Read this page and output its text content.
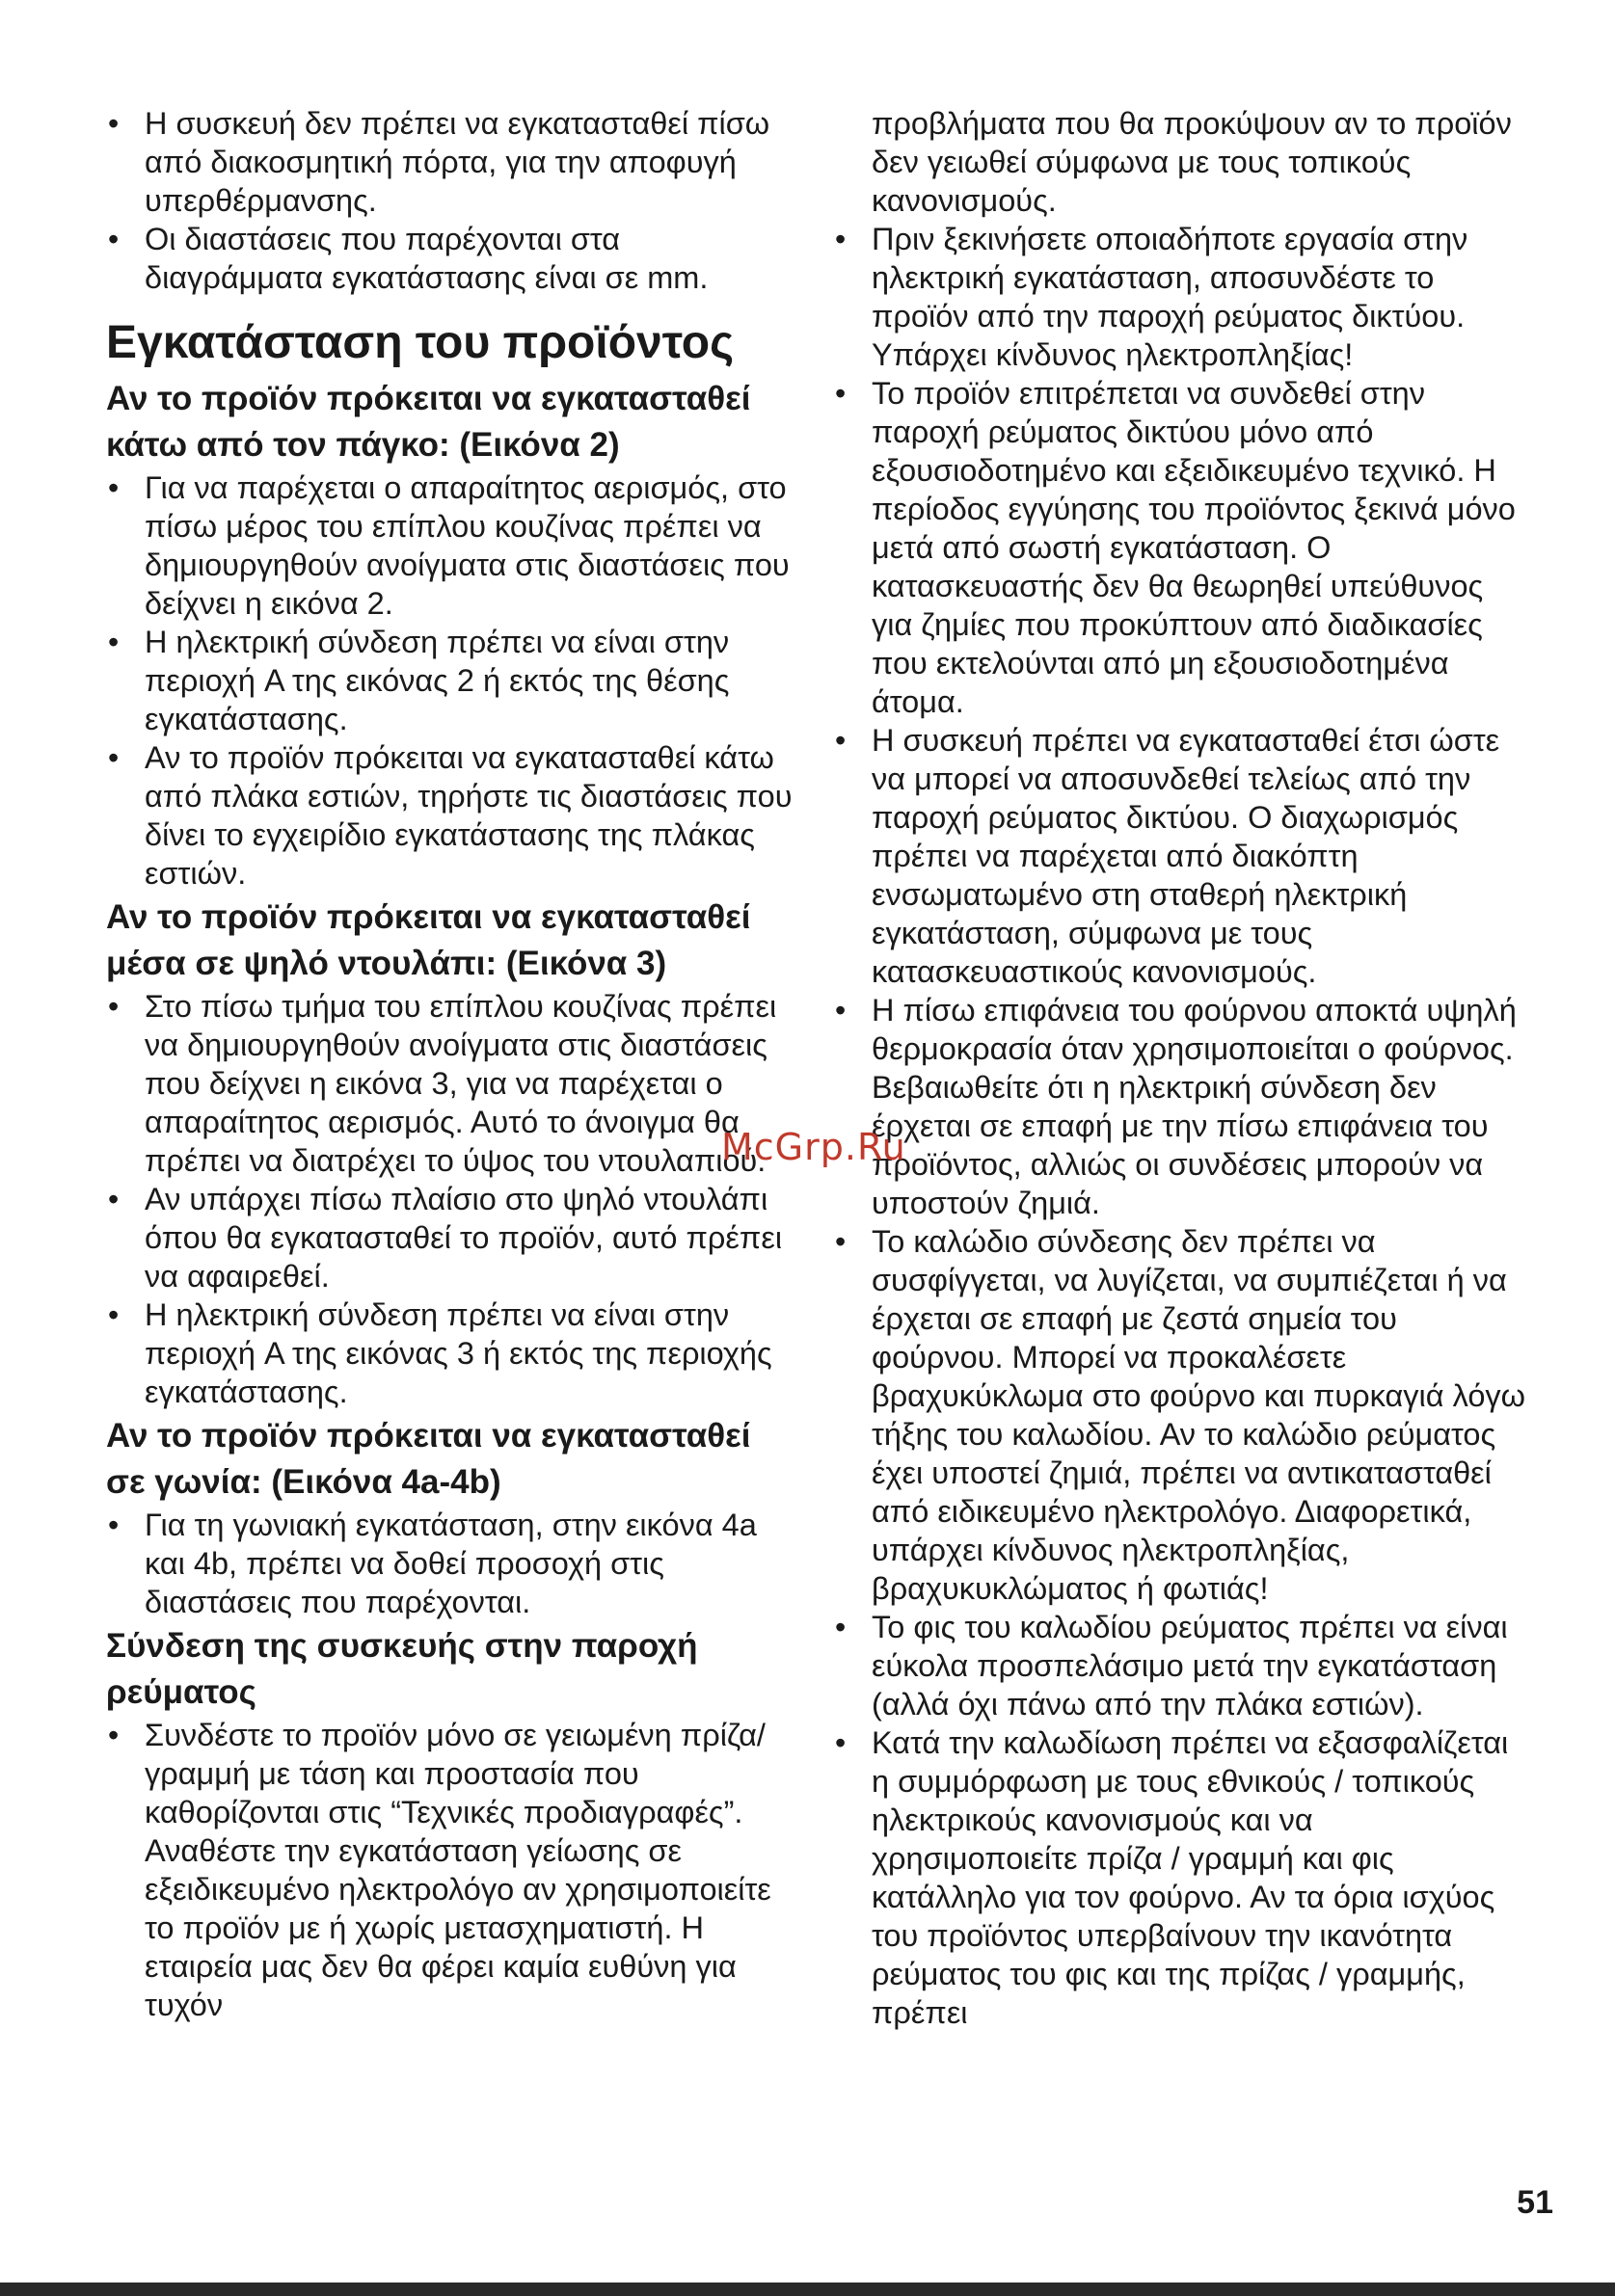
• Η συσκευή δεν πρέπει να εγκατασταθεί πίσω από διακοσμητική πόρτα, για την αποφυγή υπερθέρμανσης.
• Οι διαστάσεις που παρέχονται στα διαγράμματα εγκατάστασης είναι σε mm.
Εγκατάσταση του προϊόντος
Αν το προϊόν πρόκειται να εγκατασταθεί κάτω από τον πάγκο: (Εικόνα 2)
• Για να παρέχεται ο απαραίτητος αερισμός, στο πίσω μέρος του επίπλου κουζίνας πρέπει να δημιουργηθούν ανοίγματα στις διαστάσεις που δείχνει η εικόνα 2.
• Η ηλεκτρική σύνδεση πρέπει να είναι στην περιοχή A της εικόνας 2 ή εκτός της θέσης εγκατάστασης.
• Αν το προϊόν πρόκειται να εγκατασταθεί κάτω από πλάκα εστιών, τηρήστε τις διαστάσεις που δίνει το εγχειρίδιο εγκατάστασης της πλάκας εστιών.
Αν το προϊόν πρόκειται να εγκατασταθεί μέσα σε ψηλό ντουλάπι: (Εικόνα 3)
• Στο πίσω τμήμα του επίπλου κουζίνας πρέπει να δημιουργηθούν ανοίγματα στις διαστάσεις που δείχνει η εικόνα 3, για να παρέχεται ο απαραίτητος αερισμός. Αυτό το άνοιγμα θα πρέπει να διατρέχει το ύψος του ντουλαπιού.
• Αν υπάρχει πίσω πλαίσιο στο ψηλό ντουλάπι όπου θα εγκατασταθεί το προϊόν, αυτό πρέπει να αφαιρεθεί.
• Η ηλεκτρική σύνδεση πρέπει να είναι στην περιοχή A της εικόνας 3 ή εκτός της περιοχής εγκατάστασης.
Αν το προϊόν πρόκειται να εγκατασταθεί σε γωνία: (Εικόνα 4a-4b)
• Για τη γωνιακή εγκατάσταση, στην εικόνα 4a και 4b, πρέπει να δοθεί προσοχή στις διαστάσεις που παρέχονται.
Σύνδεση της συσκευής στην παροχή ρεύματος
• Συνδέστε το προϊόν μόνο σε γειωμένη πρίζα/ γραμμή με τάση και προστασία που καθορίζονται στις “Τεχνικές προδιαγραφές”. Αναθέστε την εγκατάσταση γείωσης σε εξειδικευμένο ηλεκτρολόγο αν χρησιμοποιείτε το προϊόν με ή χωρίς μετασχηματιστή. Η εταιρεία μας δεν θα φέρει καμία ευθύνη για τυχόν
προβλήματα που θα προκύψουν αν το προϊόν δεν γειωθεί σύμφωνα με τους τοπικούς κανονισμούς.
• Πριν ξεκινήσετε οποιαδήποτε εργασία στην ηλεκτρική εγκατάσταση, αποσυνδέστε το προϊόν από την παροχή ρεύματος δικτύου. Υπάρχει κίνδυνος ηλεκτροπληξίας!
• Το προϊόν επιτρέπεται να συνδεθεί στην παροχή ρεύματος δικτύου μόνο από εξουσιοδοτημένο και εξειδικευμένο τεχνικό. Η περίοδος εγγύησης του προϊόντος ξεκινά μόνο μετά από σωστή εγκατάσταση. Ο κατασκευαστής δεν θα θεωρηθεί υπεύθυνος για ζημίες που προκύπτουν από διαδικασίες που εκτελούνται από μη εξουσιοδοτημένα άτομα.
• Η συσκευή πρέπει να εγκατασταθεί έτσι ώστε να μπορεί να αποσυνδεθεί τελείως από την παροχή ρεύματος δικτύου. Ο διαχωρισμός πρέπει να παρέχεται από διακόπτη ενσωματωμένο στη σταθερή ηλεκτρική εγκατάσταση, σύμφωνα με τους κατασκευαστικούς κανονισμούς.
• Η πίσω επιφάνεια του φούρνου αποκτά υψηλή θερμοκρασία όταν χρησιμοποιείται ο φούρνος. Βεβαιωθείτε ότι η ηλεκτρική σύνδεση δεν έρχεται σε επαφή με την πίσω επιφάνεια του προϊόντος, αλλιώς οι συνδέσεις μπορούν να υποστούν ζημιά.
• Το καλώδιο σύνδεσης δεν πρέπει να συσφίγγεται, να λυγίζεται, να συμπιέζεται ή να έρχεται σε επαφή με ζεστά σημεία του φούρνου. Μπορεί να προκαλέσετε βραχυκύκλωμα στο φούρνο και πυρκαγιά λόγω τήξης του καλωδίου. Αν το καλώδιο ρεύματος έχει υποστεί ζημιά, πρέπει να αντικατασταθεί από ειδικευμένο ηλεκτρολόγο. Διαφορετικά, υπάρχει κίνδυνος ηλεκτροπληξίας, βραχυκυκλώματος ή φωτιάς!
• Το φις του καλωδίου ρεύματος πρέπει να είναι εύκολα προσπελάσιμο μετά την εγκατάσταση (αλλά όχι πάνω από την πλάκα εστιών).
• Κατά την καλωδίωση πρέπει να εξασφαλίζεται η συμμόρφωση με τους εθνικούς / τοπικούς ηλεκτρικούς κανονισμούς και να χρησιμοποιείτε πρίζα / γραμμή και φις κατάλληλο για τον φούρνο. Αν τα όρια ισχύος του προϊόντος υπερβαίνουν την ικανότητα ρεύματος του φις και της πρίζας / γραμμής, πρέπει
McGrp.Ru
51
